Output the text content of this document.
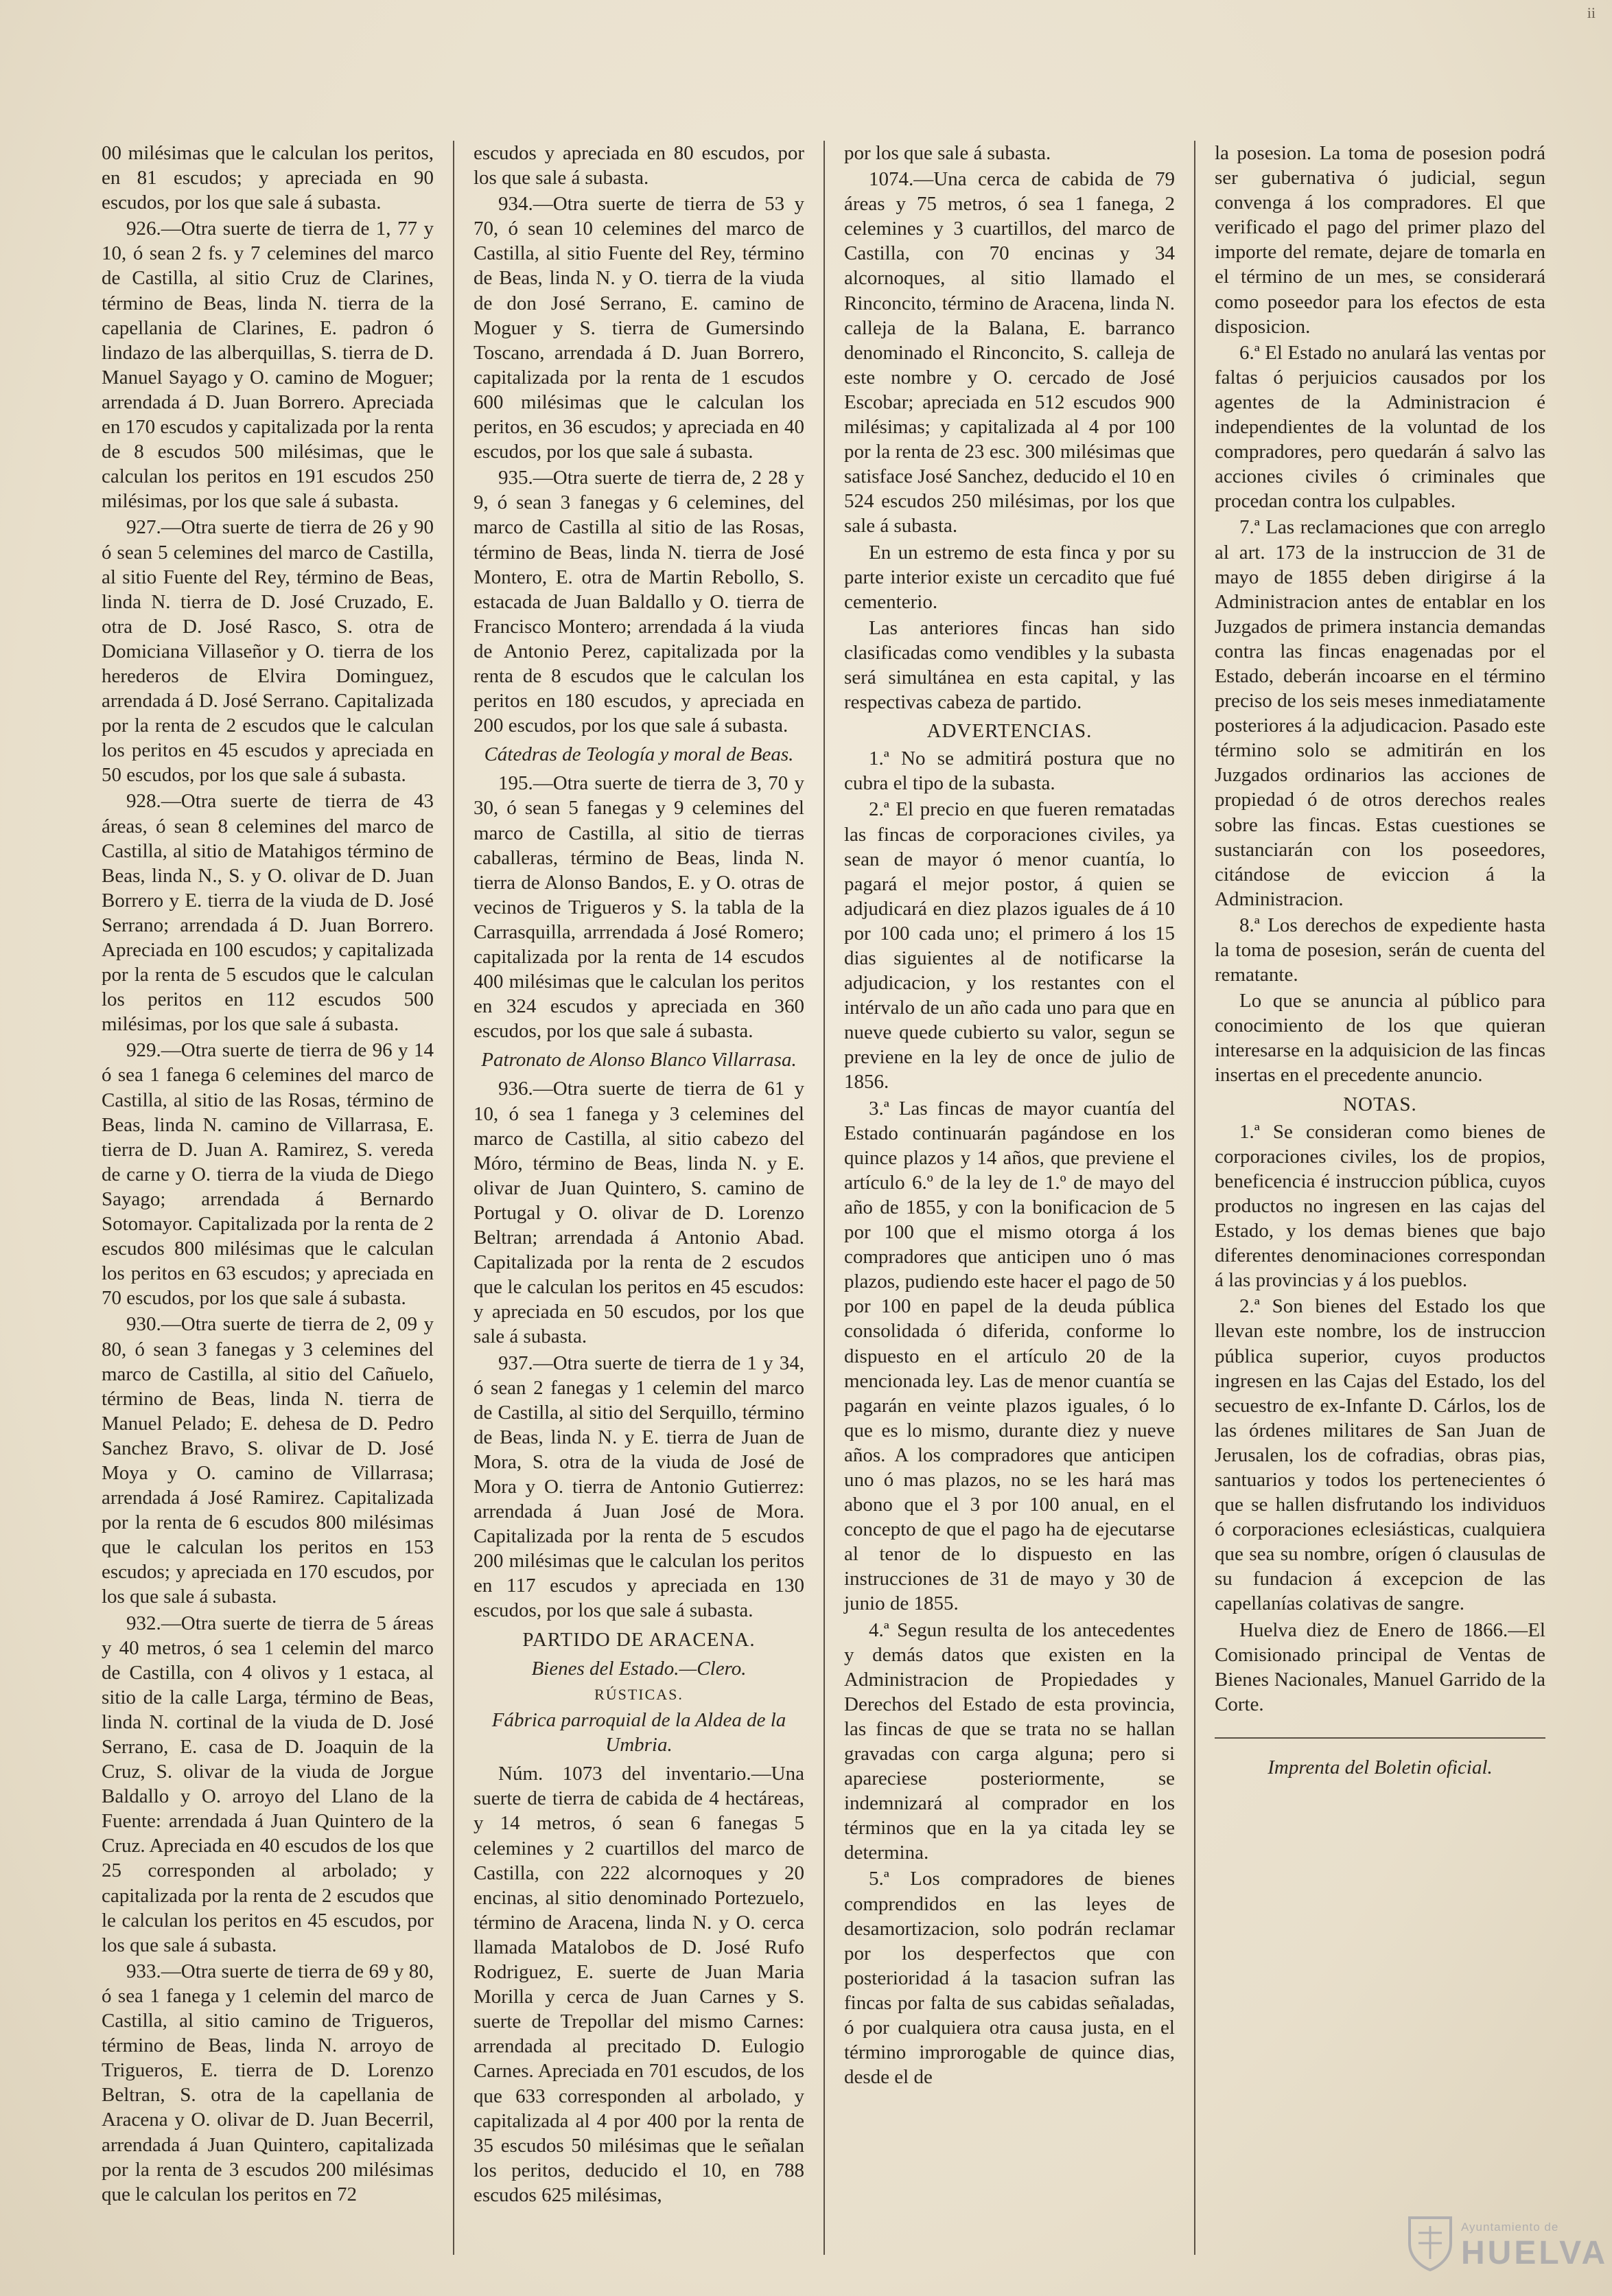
ii

00 milésimas que le calculan los peritos, en 81 escudos; y apreciada en 90 escudos, por los que sale á subasta.

926.—Otra suerte de tierra de 1, 77 y 10, ó sean 2 fs. y 7 celemines del marco de Castilla, al sitio Cruz de Clarines, término de Beas, linda N. tierra de la capellania de Clarines, E. padron ó lindazo de las alberquillas, S. tierra de D. Manuel Sayago y O. camino de Moguer; arrendada á D. Juan Borrero. Apreciada en 170 escudos y capitalizada por la renta de 8 escudos 500 milésimas, que le calculan los peritos en 191 escudos 250 milésimas, por los que sale á subasta.

927.—Otra suerte de tierra de 26 y 90 ó sean 5 celemines del marco de Castilla, al sitio Fuente del Rey, término de Beas, linda N. tierra de D. José Cruzado, E. otra de D. José Rasco, S. otra de Domiciana Villaseñor y O. tierra de los herederos de Elvira Dominguez, arrendada á D. José Serrano. Capitalizada por la renta de 2 escudos que le calculan los peritos en 45 escudos y apreciada en 50 escudos, por los que sale á subasta.

928.—Otra suerte de tierra de 43 áreas, ó sean 8 celemines del marco de Castilla, al sitio de Matahigos término de Beas, linda N., S. y O. olivar de D. Juan Borrero y E. tierra de la viuda de D. José Serrano; arrendada á D. Juan Borrero. Apreciada en 100 escudos; y capitalizada por la renta de 5 escudos que le calculan los peritos en 112 escudos 500 milésimas, por los que sale á subasta.

929.—Otra suerte de tierra de 96 y 14 ó sea 1 fanega 6 celemines del marco de Castilla, al sitio de las Rosas, término de Beas, linda N. camino de Villarrasa, E. tierra de D. Juan A. Ramirez, S. vereda de carne y O. tierra de la viuda de Diego Sayago; arrendada á Bernardo Sotomayor. Capitalizada por la renta de 2 escudos 800 milésimas que le calculan los peritos en 63 escudos; y apreciada en 70 escudos, por los que sale á subasta.

930.—Otra suerte de tierra de 2, 09 y 80, ó sean 3 fanegas y 3 celemines del marco de Castilla, al sitio del Cañuelo, término de Beas, linda N. tierra de Manuel Pelado; E. dehesa de D. Pedro Sanchez Bravo, S. olivar de D. José Moya y O. camino de Villarrasa; arrendada á José Ramirez. Capitalizada por la renta de 6 escudos 800 milésimas que le calculan los peritos en 153 escudos; y apreciada en 170 escudos, por los que sale á subasta.

932.—Otra suerte de tierra de 5 áreas y 40 metros, ó sea 1 celemin del marco de Castilla, con 4 olivos y 1 estaca, al sitio de la calle Larga, término de Beas, linda N. cortinal de la viuda de D. José Serrano, E. casa de D. Joaquin de la Cruz, S. olivar de la viuda de Jorgue Baldallo y O. arroyo del Llano de la Fuente: arrendada á Juan Quintero de la Cruz. Apreciada en 40 escudos de los que 25 corresponden al arbolado; y capitalizada por la renta de 2 escudos que le calculan los peritos en 45 escudos, por los que sale á subasta.

933.—Otra suerte de tierra de 69 y 80, ó sea 1 fanega y 1 celemin del marco de Castilla, al sitio camino de Trigueros, término de Beas, linda N. arroyo de Trigueros, E. tierra de D. Lorenzo Beltran, S. otra de la capellania de Aracena y O. olivar de D. Juan Becerril, arrendada á Juan Quintero, capitalizada por la renta de 3 escudos 200 milésimas que le calculan los peritos en 72

escudos y apreciada en 80 escudos, por los que sale á subasta.

934.—Otra suerte de tierra de 53 y 70, ó sean 10 celemines del marco de Castilla, al sitio Fuente del Rey, término de Beas, linda N. y O. tierra de la viuda de don José Serrano, E. camino de Moguer y S. tierra de Gumersindo Toscano, arrendada á D. Juan Borrero, capitalizada por la renta de 1 escudos 600 milésimas que le calculan los peritos, en 36 escudos; y apreciada en 40 escudos, por los que sale á subasta.

935.—Otra suerte de tierra de, 2 28 y 9, ó sean 3 fanegas y 6 celemines, del marco de Castilla al sitio de las Rosas, término de Beas, linda N. tierra de José Montero, E. otra de Martin Rebollo, S. estacada de Juan Baldallo y O. tierra de Francisco Montero; arrendada á la viuda de Antonio Perez, capitalizada por la renta de 8 escudos que le calculan los peritos en 180 escudos, y apreciada en 200 escudos, por los que sale á subasta.

Cátedras de Teología y moral de Beas.

195.—Otra suerte de tierra de 3, 70 y 30, ó sean 5 fanegas y 9 celemines del marco de Castilla, al sitio de tierras caballeras, término de Beas, linda N. tierra de Alonso Bandos, E. y O. otras de vecinos de Trigueros y S. la tabla de la Carrasquilla, arrrendada á José Romero; capitalizada por la renta de 14 escudos 400 milésimas que le calculan los peritos en 324 escudos y apreciada en 360 escudos, por los que sale á subasta.

Patronato de Alonso Blanco Villarrasa.

936.—Otra suerte de tierra de 61 y 10, ó sea 1 fanega y 3 celemines del marco de Castilla, al sitio cabezo del Móro, término de Beas, linda N. y E. olivar de Juan Quintero, S. camino de Portugal y O. olivar de D. Lorenzo Beltran; arrendada á Antonio Abad. Capitalizada por la renta de 2 escudos que le calculan los peritos en 45 escudos: y apreciada en 50 escudos, por los que sale á subasta.

937.—Otra suerte de tierra de 1 y 34, ó sean 2 fanegas y 1 celemin del marco de Castilla, al sitio del Serquillo, término de Beas, linda N. y E. tierra de Juan de Mora, S. otra de la viuda de José de Mora y O. tierra de Antonio Gutierrez: arrendada á Juan José de Mora. Capitalizada por la renta de 5 escudos 200 milésimas que le calculan los peritos en 117 escudos y apreciada en 130 escudos, por los que sale á subasta.

PARTIDO DE ARACENA.

Bienes del Estado.—Clero.

RÚSTICAS.

Fábrica parroquial de la Aldea de la Umbria.

Núm. 1073 del inventario.—Una suerte de tierra de cabida de 4 hectáreas, y 14 metros, ó sean 6 fanegas 5 celemines y 2 cuartillos del marco de Castilla, con 222 alcornoques y 20 encinas, al sitio denominado Portezuelo, término de Aracena, linda N. y O. cerca llamada Matalobos de D. José Rufo Rodriguez, E. suerte de Juan Maria Morilla y cerca de Juan Carnes y S. suerte de Trepollar del mismo Carnes: arrendada al precitado D. Eulogio Carnes. Apreciada en 701 escudos, de los que 633 corresponden al arbolado, y capitalizada al 4 por 400 por la renta de 35 escudos 50 milésimas que le señalan los peritos, deducido el 10, en 788 escudos 625 milésimas,

por los que sale á subasta.

1074.—Una cerca de cabida de 79 áreas y 75 metros, ó sea 1 fanega, 2 celemines y 3 cuartillos, del marco de Castilla, con 70 encinas y 34 alcornoques, al sitio llamado el Rinconcito, término de Aracena, linda N. calleja de la Balana, E. barranco denominado el Rinconcito, S. calleja de este nombre y O. cercado de José Escobar; apreciada en 512 escudos 900 milésimas; y capitalizada al 4 por 100 por la renta de 23 esc. 300 milésimas que satisface José Sanchez, deducido el 10 en 524 escudos 250 milésimas, por los que sale á subasta.

En un estremo de esta finca y por su parte interior existe un cercadito que fué cementerio.

Las anteriores fincas han sido clasificadas como vendibles y la subasta será simultánea en esta capital, y las respectivas cabeza de partido.

ADVERTENCIAS.

1.ª No se admitirá postura que no cubra el tipo de la subasta.

2.ª El precio en que fueren rematadas las fincas de corporaciones civiles, ya sean de mayor ó menor cuantía, lo pagará el mejor postor, á quien se adjudicará en diez plazos iguales de á 10 por 100 cada uno; el primero á los 15 dias siguientes al de notificarse la adjudicacion, y los restantes con el intérvalo de un año cada uno para que en nueve quede cubierto su valor, segun se previene en la ley de once de julio de 1856.

3.ª Las fincas de mayor cuantía del Estado continuarán pagándose en los quince plazos y 14 años, que previene el artículo 6.º de la ley de 1.º de mayo del año de 1855, y con la bonificacion de 5 por 100 que el mismo otorga á los compradores que anticipen uno ó mas plazos, pudiendo este hacer el pago de 50 por 100 en papel de la deuda pública consolidada ó diferida, conforme lo dispuesto en el artículo 20 de la mencionada ley. Las de menor cuantía se pagarán en veinte plazos iguales, ó lo que es lo mismo, durante diez y nueve años. A los compradores que anticipen uno ó mas plazos, no se les hará mas abono que el 3 por 100 anual, en el concepto de que el pago ha de ejecutarse al tenor de lo dispuesto en las instrucciones de 31 de mayo y 30 de junio de 1855.

4.ª Segun resulta de los antecedentes y demás datos que existen en la Administracion de Propiedades y Derechos del Estado de esta provincia, las fincas de que se trata no se hallan gravadas con carga alguna; pero si apareciese posteriormente, se indemnizará al comprador en los términos que en la ya citada ley se determina.

5.ª Los compradores de bienes comprendidos en las leyes de desamortizacion, solo podrán reclamar por los desperfectos que con posterioridad á la tasacion sufran las fincas por falta de sus cabidas señaladas, ó por cualquiera otra causa justa, en el término improrogable de quince dias, desde el de

la posesion. La toma de posesion podrá ser gubernativa ó judicial, segun convenga á los compradores. El que verificado el pago del primer plazo del importe del remate, dejare de tomarla en el término de un mes, se considerará como poseedor para los efectos de esta disposicion.

6.ª El Estado no anulará las ventas por faltas ó perjuicios causados por los agentes de la Administracion é independientes de la voluntad de los compradores, pero quedarán á salvo las acciones civiles ó criminales que procedan contra los culpables.

7.ª Las reclamaciones que con arreglo al art. 173 de la instruccion de 31 de mayo de 1855 deben dirigirse á la Administracion antes de entablar en los Juzgados de primera instancia demandas contra las fincas enagenadas por el Estado, deberán incoarse en el término preciso de los seis meses inmediatamente posteriores á la adjudicacion. Pasado este término solo se admitirán en los Juzgados ordinarios las acciones de propiedad ó de otros derechos reales sobre las fincas. Estas cuestiones se sustanciarán con los poseedores, citándose de eviccion á la Administracion.

8.ª Los derechos de expediente hasta la toma de posesion, serán de cuenta del rematante.

Lo que se anuncia al público para conocimiento de los que quieran interesarse en la adquisicion de las fincas insertas en el precedente anuncio.

NOTAS.

1.ª Se consideran como bienes de corporaciones civiles, los de propios, beneficencia é instruccion pública, cuyos productos no ingresen en las cajas del Estado, y los demas bienes que bajo diferentes denominaciones correspondan á las provincias y á los pueblos.

2.ª Son bienes del Estado los que llevan este nombre, los de instruccion pública superior, cuyos productos ingresen en las Cajas del Estado, los del secuestro de ex-Infante D. Cárlos, los de las órdenes militares de San Juan de Jerusalen, los de cofradias, obras pias, santuarios y todos los pertenecientes ó que se hallen disfrutando los individuos ó corporaciones eclesiásticas, cualquiera que sea su nombre, orígen ó clausulas de su fundacion á excepcion de las capellanías colativas de sangre.

Huelva diez de Enero de 1866.—El Comisionado principal de Ventas de Bienes Nacionales, Manuel Garrido de la Corte.

Imprenta del Boletin oficial.

Ayuntamiento de
HUELVA
